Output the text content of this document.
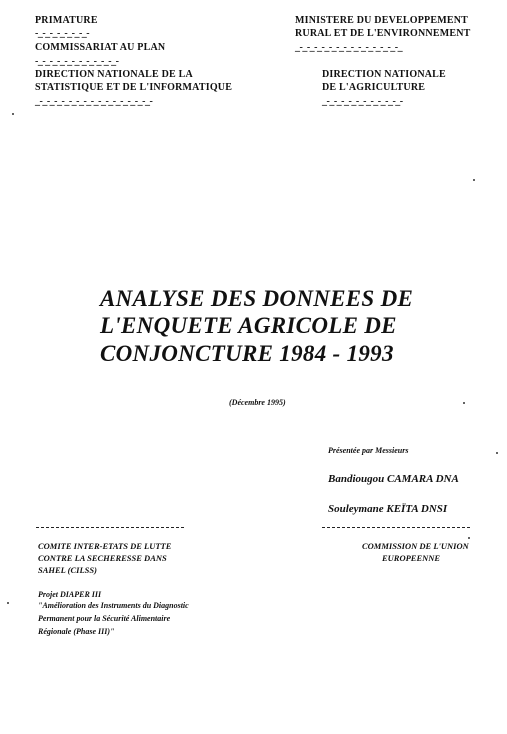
PRIMATURE
-_-_-_-_-_-_-_-
COMMISSARIAT AU PLAN
-_-_-_-_-_-_-_-_-_-_-_-
DIRECTION NATIONALE DE LA
STATISTIQUE ET DE L'INFORMATIQUE
_-_-_-_-_-_-_-_-_-_-_-_-_-_-_-_-
MINISTERE DU DEVELOPPEMENT
RURAL ET DE L'ENVIRONNEMENT
_-_-_-_-_-_-_-_-_-_-_-_-_-_-_
DIRECTION NATIONALE
DE L'AGRICULTURE
_-_-_-_-_-_-_-_-_-_-_-
ANALYSE DES DONNEES DE
L'ENQUETE AGRICOLE DE
CONJONCTURE 1984 - 1993
(Décembre 1995)
Présentée par Messieurs
Bandiougou CAMARA DNA
Souleymane KEÏTA DNSI
COMITE INTER-ETATS DE LUTTE
CONTRE LA SECHERESSE DANS
SAHEL (CILSS)
COMMISSION DE L'UNION
EUROPEENNE
Projet DIAPER III
"Amélioration des Instruments du Diagnostic
Permanent pour la Sécurité Alimentaire
Régionale (Phase III)"
